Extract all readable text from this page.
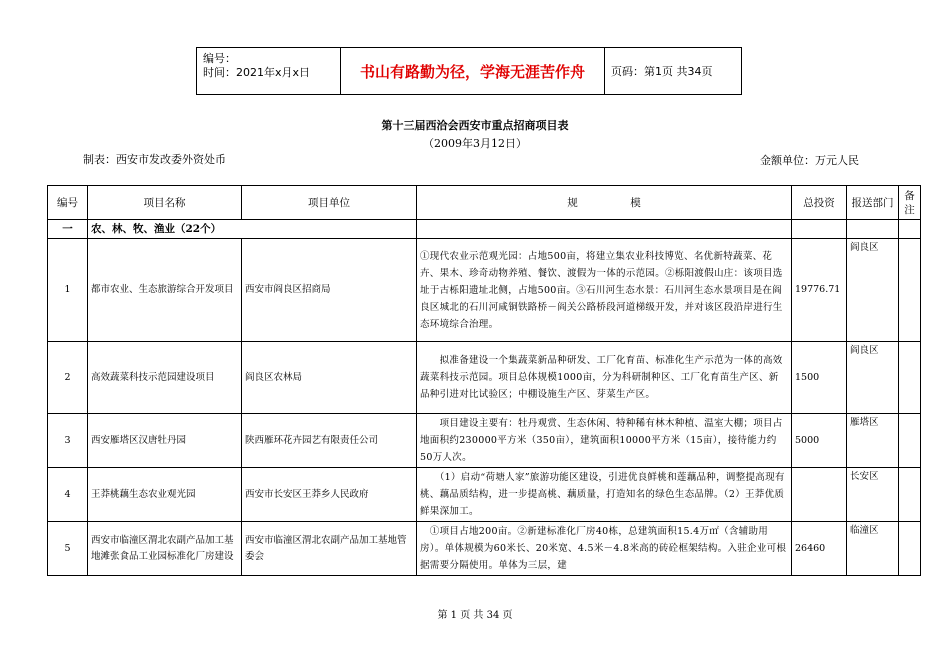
编号：
时间：2021年x月x日	书山有路勤为径，学海无涯苦作舟	页码：第1页 共34页
第十三届西洽会西安市重点招商项目表
（2009年3月12日）
制表：西安市发改委外资处币	金额单位：万元人民
编号	项目名称	项目单位	规　　　　　模	总投资	报送部门	备注
一	农、林、牧、渔业（22个）					
1	都市农业、生态旅游综合开发项目	西安市阎良区招商局	①现代农业示范观光园：占地500亩，将建立集农业科技博览、名优新特蔬菜、花卉、果木、珍奇动物养殖、餐饮、渡假为一体的示范园。②栎阳渡假山庄：该项目选址于古栎阳遗址北侧，占地500亩。③石川河生态水景：石川河生态水景项目是在阎良区城北的石川河咸铜铁路桥－阎关公路桥段河道梯级开发，并对该区段沿岸进行生态环境综合治理。	19776.71	阎良区	
2	高效蔬菜科技示范园建设项目	阎良区农林局	　　拟准备建设一个集蔬菜新品种研发、工厂化育苗、标准化生产示范为一体的高效蔬菜科技示范园。项目总体规模1000亩，分为科研制种区、工厂化育苗生产区、新品种引进对比试验区；中棚设施生产区、芽菜生产区。	1500	阎良区	
3	西安雁塔区汉唐牡丹园	陕西雁环花卉园艺有限责任公司	　　项目建设主要有：牡丹观赏、生态休闲、特种稀有林木种植、温室大棚；项目占地面积约230000平方米（350亩），建筑面积10000平方米（15亩），接待能力约50万人次。	5000	雁塔区	
4	王莽桃藕生态农业观光园	西安市长安区王莽乡人民政府	　　（1）启动“荷塘人家”旅游功能区建设，引进优良鲜桃和莲藕品种，调整提高现有桃、藕品质结构，进一步提高桃、藕质量，打造知名的绿色生态品牌。（2）王莽优质鲜果深加工。		长安区	
5	西安市临潼区渭北农副产品加工基地滩张食品工业园标准化厂房建设	西安市临潼区渭北农副产品加工基地管委会	　①项目占地200亩。②新建标准化厂房40栋，总建筑面积15.4万㎡（含辅助用房）。单体规模为60米长、20米宽、4.5米－4.8米高的砖砼框架结构。入驻企业可根据需要分隔使用。单体为三层，建	26460	临潼区	
第 1 页 共 34 页
